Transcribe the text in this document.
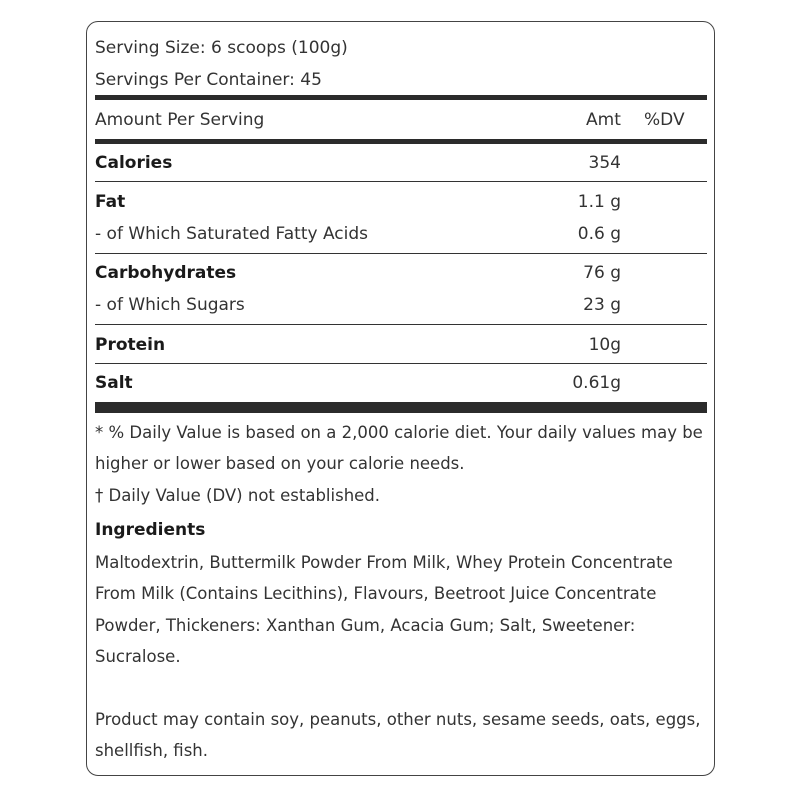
Serving Size: 6 scoops (100g)
Servings Per Container: 45
Amount Per Serving	Amt %DV
Calories	354
Fat	1.1 g
- of Which Saturated Fatty Acids	0.6 g
Carbohydrates	76 g
- of Which Sugars	23 g
Protein	10g
Salt	0.61g
* % Daily Value is based on a 2,000 calorie diet. Your daily values may be
higher or lower based on your calorie needs.
† Daily Value (DV) not established.
Ingredients
Maltodextrin, Buttermilk Powder From Milk, Whey Protein Concentrate
From Milk (Contains Lecithins), Flavours, Beetroot Juice Concentrate
Powder, Thickeners: Xanthan Gum, Acacia Gum; Salt, Sweetener:
Sucralose.
Product may contain soy, peanuts, other nuts, sesame seeds, oats, eggs,
shellfish, fish.
